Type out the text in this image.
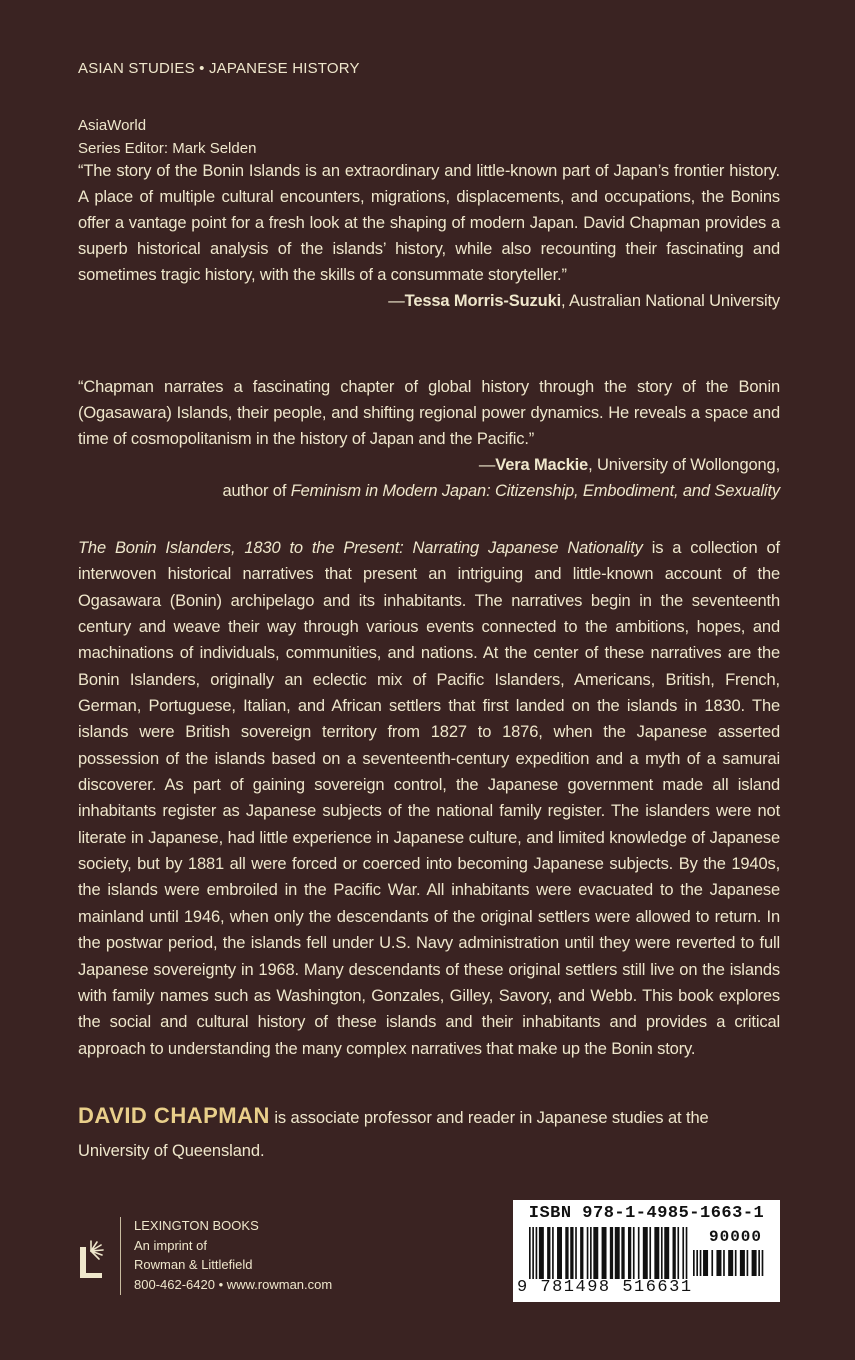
ASIAN STUDIES • JAPANESE HISTORY
AsiaWorld
Series Editor: Mark Selden
“The story of the Bonin Islands is an extraordinary and little-known part of Japan’s frontier history. A place of multiple cultural encounters, migrations, displacements, and occupations, the Bonins offer a vantage point for a fresh look at the shaping of modern Japan. David Chapman provides a superb historical analysis of the islands’ history, while also recounting their fascinating and sometimes tragic history, with the skills of a consummate storyteller.”
—Tessa Morris-Suzuki, Australian National University
“Chapman narrates a fascinating chapter of global history through the story of the Bonin (Ogasawara) Islands, their people, and shifting regional power dynamics. He reveals a space and time of cosmopolitanism in the history of Japan and the Pacific.”
—Vera Mackie, University of Wollongong,
author of Feminism in Modern Japan: Citizenship, Embodiment, and Sexuality
The Bonin Islanders, 1830 to the Present: Narrating Japanese Nationality is a collection of interwoven historical narratives that present an intriguing and little-known account of the Ogasawara (Bonin) archipelago and its inhabitants. The narratives begin in the seventeenth century and weave their way through various events connected to the ambitions, hopes, and machinations of individuals, communities, and nations. At the center of these narratives are the Bonin Islanders, originally an eclectic mix of Pacific Islanders, Americans, British, French, German, Portuguese, Italian, and African settlers that first landed on the islands in 1830. The islands were British sovereign territory from 1827 to 1876, when the Japanese asserted possession of the islands based on a seventeenth-century expedition and a myth of a samurai discoverer. As part of gaining sovereign control, the Japanese government made all island inhabitants register as Japanese subjects of the national family register. The islanders were not literate in Japanese, had little experience in Japanese culture, and limited knowledge of Japanese society, but by 1881 all were forced or coerced into becoming Japanese subjects. By the 1940s, the islands were embroiled in the Pacific War. All inhabitants were evacuated to the Japanese mainland until 1946, when only the descendants of the original settlers were allowed to return. In the postwar period, the islands fell under U.S. Navy administration until they were reverted to full Japanese sovereignty in 1968. Many descendants of these original settlers still live on the islands with family names such as Washington, Gonzales, Gilley, Savory, and Webb. This book explores the social and cultural history of these islands and their inhabitants and provides a critical approach to understanding the many complex narratives that make up the Bonin story.
DAVID CHAPMAN is associate professor and reader in Japanese studies at the University of Queensland.
LEXINGTON BOOKS
An imprint of
Rowman & Littlefield
800-462-6420 • www.rowman.com
ISBN 978-1-4985-1663-1
90000
9 781498 516631
